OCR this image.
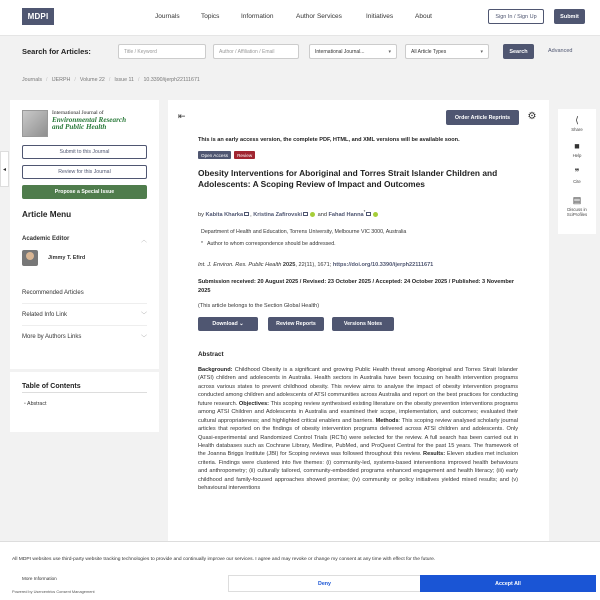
MDPI	Journals	Topics	Information	Author Services	Initiatives	About	Sign In / Sign Up	Submit
Search for Articles:	Title / Keyword	Author / Affiliation / Email	International Journal...	▾	All Article Types	▾	Search	Advanced
Journals / IJERPH / Volume 22 / Issue 11 / 10.3390/ijerph22111671
◂
International Journal of
Environmental Research
and Public Health
Submit to this Journal
Review for this Journal
Propose a Special Issue
Article Menu
Academic Editor	︿
Jimmy T. Efird
Recommended Articles
Related Info Link	﹀
More by Authors Links	﹀
Table of Contents
• Abstract
⇤	Order Article Reprints	⚙
This is an early access version, the complete PDF, HTML, and XML versions will be available soon.
Open Access	Review
Obesity Interventions for Aboriginal and Torres Strait Islander Children and Adolescents: A Scoping Review of Impact and Outcomes
by Kabita Kharka , Kristina Zafirovski	and Fahad Hanna*
Department of Health and Education, Torrens University, Melbourne VIC 3000, Australia
* Author to whom correspondence should be addressed.
Int. J. Environ. Res. Public Health 2025, 22(11), 1671; https://doi.org/10.3390/ijerph22111671
Submission received: 20 August 2025 / Revised: 23 October 2025 / Accepted: 24 October 2025 / Published: 3 November 2025
(This article belongs to the Section Global Health)
Download ⌄	Review Reports	Versions Notes
Abstract
Background: Childhood Obesity is a significant and growing Public Health threat among Aboriginal and Torres Strait Islander (ATSI) children and adolescents in Australia. Health sectors in Australia have been focusing on health intervention programs across various states to prevent childhood obesity. This review aims to analyse the impact of obesity intervention programs conducted among children and adolescents of ATSI communities across Australia and report on the best practices for conducting future research. Objectives: This scoping review synthesised existing literature on the obesity prevention interventions programs among ATSI Children and Adolescents in Australia and examined their scope, implementation, and outcomes; evaluated their cultural appropriateness; and highlighted critical enablers and barriers. Methods: This scoping review analysed scholarly journal articles that reported on the findings of obesity intervention programs delivered across ATSI children and adolescents. Only Quasi-experimental and Randomized Control Trials (RCTs) were selected for the review. A full search has been carried out in Health databases such as Cochrane Library, Medline, PubMed, and ProQuest Central for the past 15 years. The framework of the Joanna Briggs Institute (JBI) for Scoping reviews was followed throughout this review. Results: Eleven studies met inclusion criteria. Findings were clustered into five themes: (i) community-led, systems-based interventions improved health behaviours and anthropometry; (ii) culturally tailored, community-embedded programs enhanced engagement and health literacy; (iii) early childhood and family-focused approaches showed promise; (iv) community or policy initiatives yielded mixed results; and (v) behavioural interventions
⟨
Share
■
Help
❞
Cite
▤
Discuss in
SciProfiles
All MDPI websites use third-party website tracking technologies to provide and continually improve our services. I agree and may revoke or change my consent at any time with effect for the future.
More Information
Powered by Usercentrics Consent Management
Deny	Accept All
